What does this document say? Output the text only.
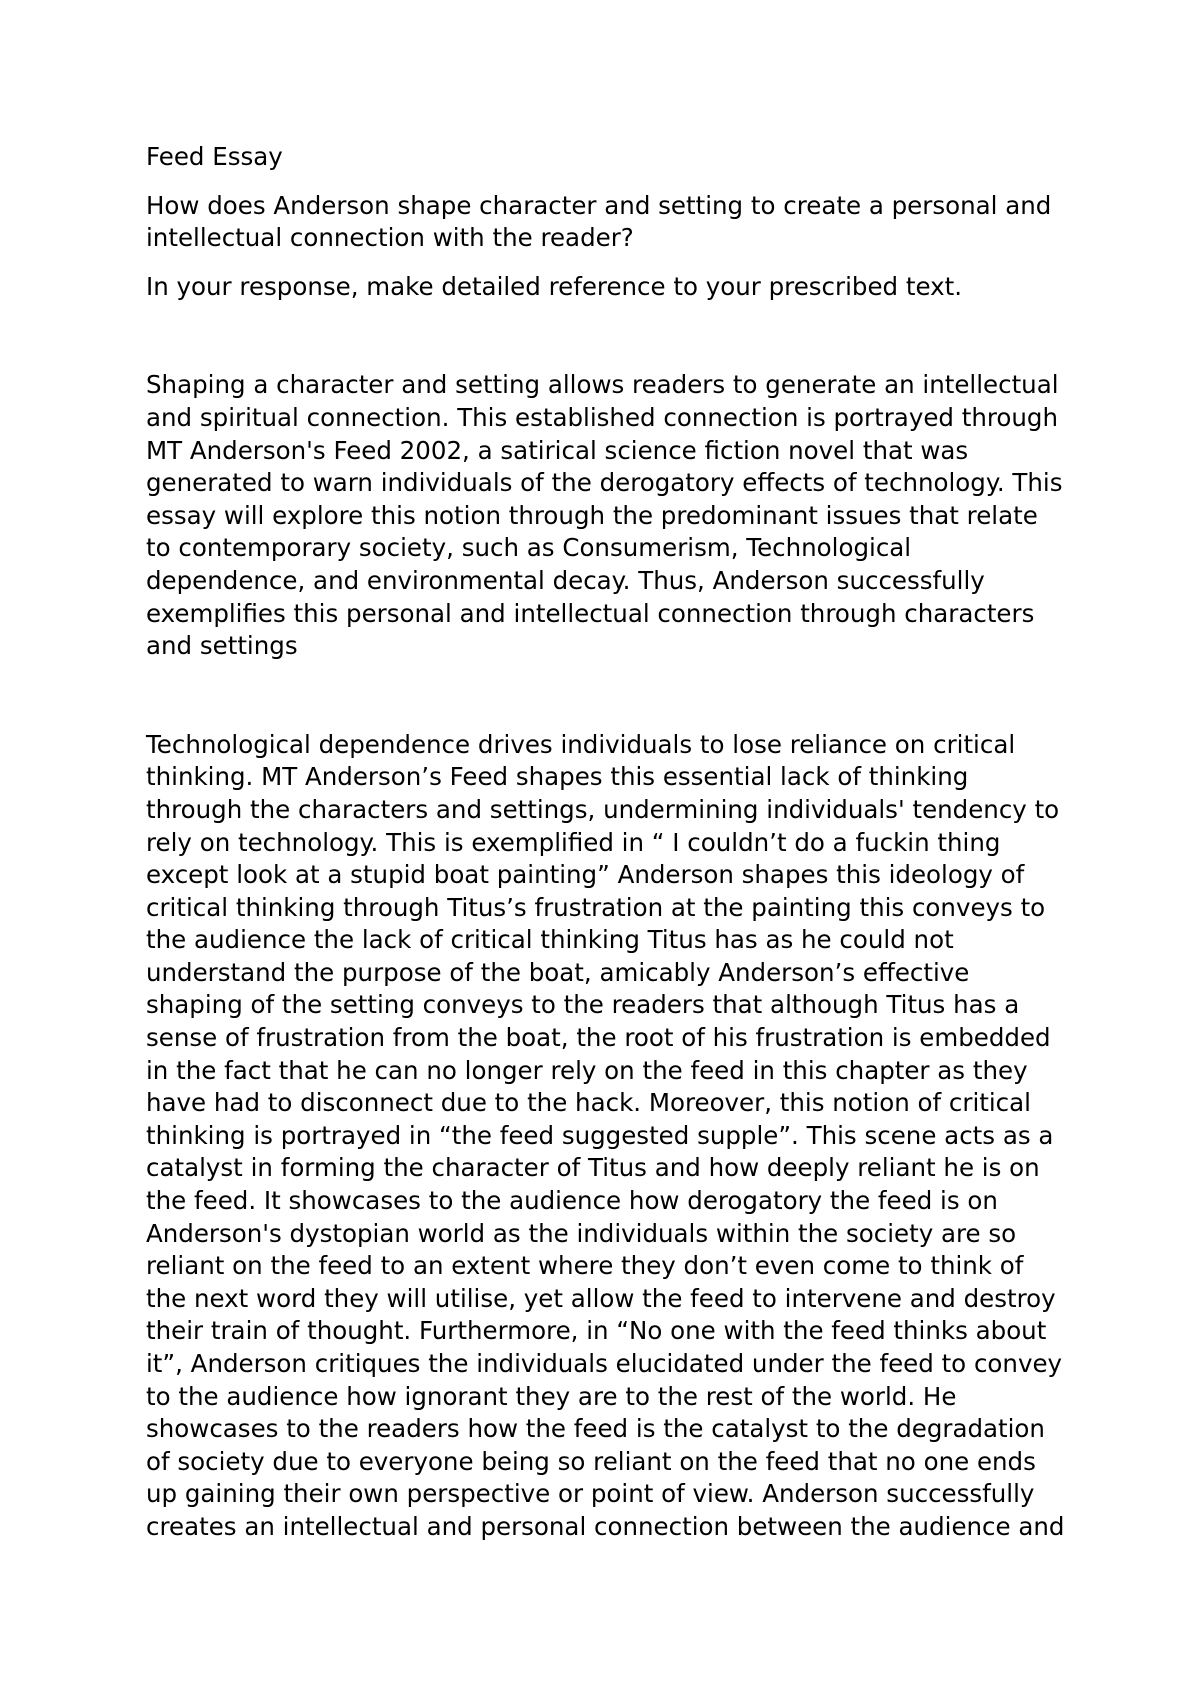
Feed Essay
How does Anderson shape character and setting to create a personal and
intellectual connection with the reader?
In your response, make detailed reference to your prescribed text.
Shaping a character and setting allows readers to generate an intellectual
and spiritual connection. This established connection is portrayed through
MT Anderson's Feed 2002, a satirical science fiction novel that was
generated to warn individuals of the derogatory effects of technology. This
essay will explore this notion through the predominant issues that relate
to contemporary society, such as Consumerism, Technological
dependence, and environmental decay. Thus, Anderson successfully
exemplifies this personal and intellectual connection through characters
and settings
Technological dependence drives individuals to lose reliance on critical
thinking. MT Anderson’s Feed shapes this essential lack of thinking
through the characters and settings, undermining individuals' tendency to
rely on technology. This is exemplified in “ I couldn’t do a fuckin thing
except look at a stupid boat painting” Anderson shapes this ideology of
critical thinking through Titus’s frustration at the painting this conveys to
the audience the lack of critical thinking Titus has as he could not
understand the purpose of the boat, amicably Anderson’s effective
shaping of the setting conveys to the readers that although Titus has a
sense of frustration from the boat, the root of his frustration is embedded
in the fact that he can no longer rely on the feed in this chapter as they
have had to disconnect due to the hack. Moreover, this notion of critical
thinking is portrayed in “the feed suggested supple”. This scene acts as a
catalyst in forming the character of Titus and how deeply reliant he is on
the feed. It showcases to the audience how derogatory the feed is on
Anderson's dystopian world as the individuals within the society are so
reliant on the feed to an extent where they don’t even come to think of
the next word they will utilise, yet allow the feed to intervene and destroy
their train of thought. Furthermore, in “No one with the feed thinks about
it”, Anderson critiques the individuals elucidated under the feed to convey
to the audience how ignorant they are to the rest of the world. He
showcases to the readers how the feed is the catalyst to the degradation
of society due to everyone being so reliant on the feed that no one ends
up gaining their own perspective or point of view. Anderson successfully
creates an intellectual and personal connection between the audience and
